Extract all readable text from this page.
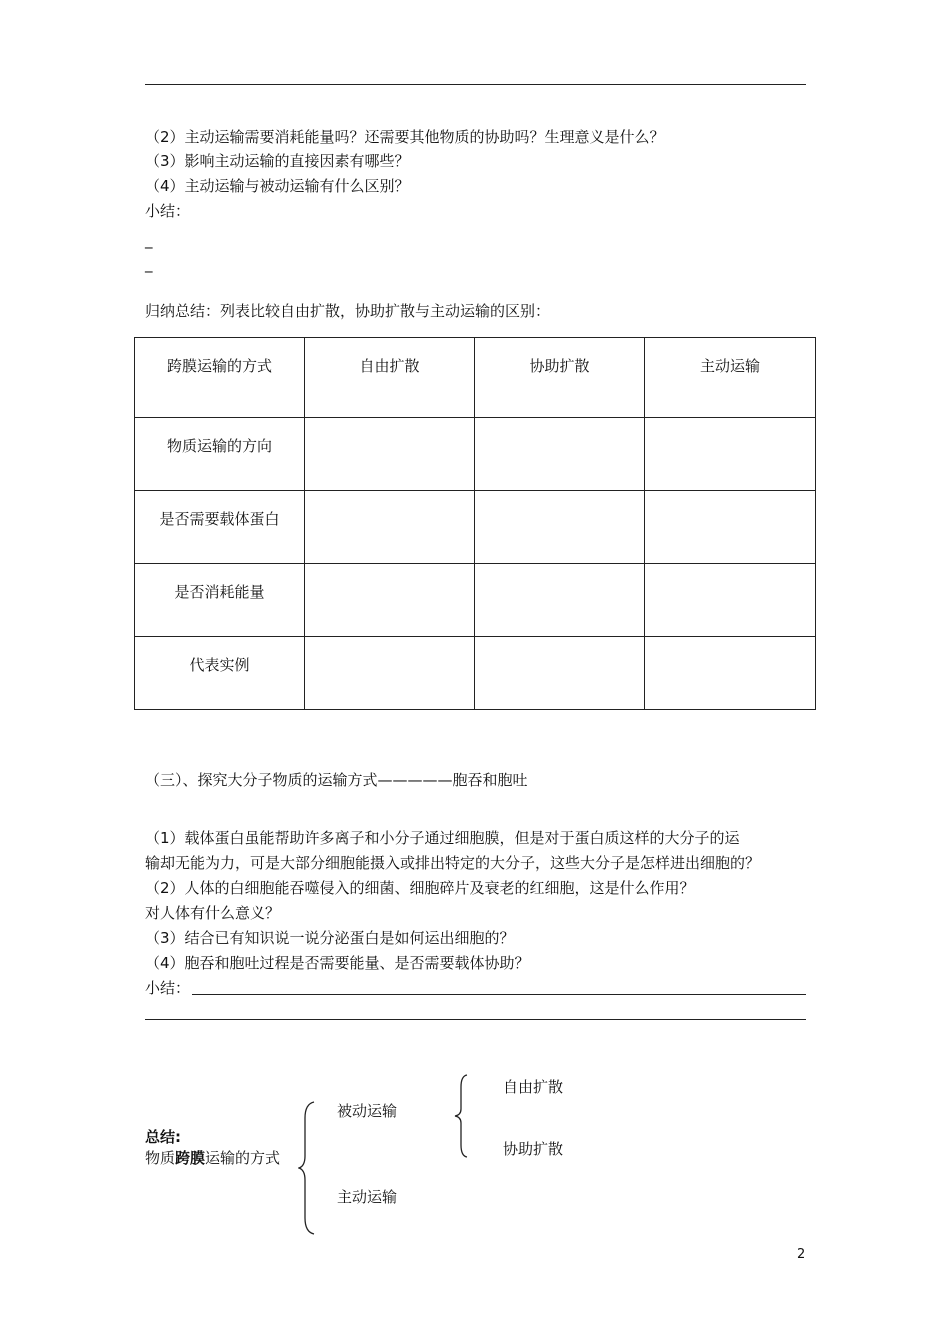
（2）主动运输需要消耗能量吗？还需要其他物质的协助吗？生理意义是什么？
（3）影响主动运输的直接因素有哪些？
（4）主动运输与被动运输有什么区别？
小结：
_
_
归纳总结：列表比较自由扩散，协助扩散与主动运输的区别：
跨膜运输的方式	自由扩散	协助扩散	主动运输
物质运输的方向			
是否需要载体蛋白			
是否消耗能量			
代表实例			
（三）、探究大分子物质的运输方式—————胞吞和胞吐
（1）载体蛋白虽能帮助许多离子和小分子通过细胞膜，但是对于蛋白质这样的大分子的运
输却无能为力，可是大部分细胞能摄入或排出特定的大分子，这些大分子是怎样进出细胞的？
（2）人体的白细胞能吞噬侵入的细菌、细胞碎片及衰老的红细胞，这是什么作用？
对人体有什么意义？
（3）结合已有知识说一说分泌蛋白是如何运出细胞的？
（4）胞吞和胞吐过程是否需要能量、是否需要载体协助？
小结：
总结:
物质跨膜运输的方式
被动运输
主动运输
自由扩散
协助扩散
2
